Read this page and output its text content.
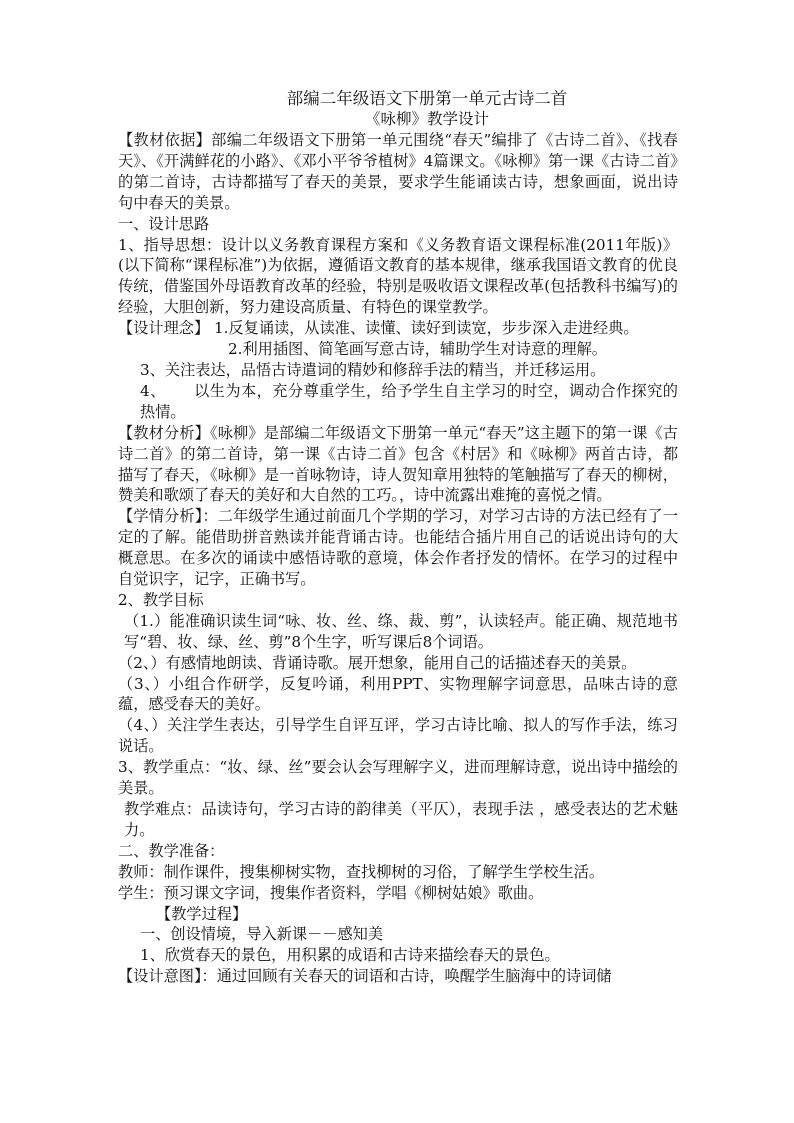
部编二年级语文下册第一单元古诗二首
《咏柳》教学设计

【教材依据】部编二年级语文下册第一单元围绕“春天”编排了《古诗二首》、《找春天》、《开满鲜花的小路》、《邓小平爷爷植树》4篇课文。《咏柳》第一课《古诗二首》的第二首诗，古诗都描写了春天的美景，要求学生能诵读古诗，想象画面，说出诗句中春天的美景。

一、设计思路

1、指导思想：设计以义务教育课程方案和《义务教育语文课程标准(2011年版)》(以下简称“课程标准”)为依据，遵循语文教育的基本规律，继承我国语文教育的优良传统，借鉴国外母语教育改革的经验，特别是吸收语文课程改革(包括教科书编写)的经验，大胆创新，努力建设高质量、有特色的课堂教学。

【设计理念】 1.反复诵读，从读准、读懂、读好到读宽，步步深入走进经典。

2.利用插图、简笔画写意古诗，辅助学生对诗意的理解。

3、关注表达，品悟古诗遣词的精妙和修辞手法的精当，并迁移运用。

4、 以生为本，充分尊重学生，给予学生自主学习的时空，调动合作探究的热情。

【教材分析】《咏柳》是部编二年级语文下册第一单元“春天”这主题下的第一课《古诗二首》的第二首诗，第一课《古诗二首》包含《村居》和《咏柳》两首古诗，都描写了春天，《咏柳》是一首咏物诗，诗人贺知章用独特的笔触描写了春天的柳树，赞美和歌颂了春天的美好和大自然的工巧。，诗中流露出难掩的喜悦之情。

【学情分析】：二年级学生通过前面几个学期的学习，对学习古诗的方法已经有了一定的了解。能借助拼音熟读并能背诵古诗。也能结合插片用自己的话说出诗句的大概意思。在多次的诵读中感悟诗歌的意境，体会作者抒发的情怀。在学习的过程中自觉识字，记字，正确书写。

2、教学目标

（1.）能准确识读生词“咏、妆、丝、绦、裁、剪”，认读轻声。能正确、规范地书写“碧、妆、绿、丝、剪”8个生字，听写课后8个词语。

（2、）有感情地朗读、背诵诗歌。展开想象，能用自己的话描述春天的美景。

（3、）小组合作研学，反复吟诵，利用PPT、实物理解字词意思，品味古诗的意蕴，感受春天的美好。

（4、）关注学生表达，引导学生自评互评，学习古诗比喻、拟人的写作手法，练习说话。

3、教学重点：“妆、绿、丝”要会认会写理解字义，进而理解诗意，说出诗中描绘的美景。

教学难点：品读诗句，学习古诗的韵律美（平仄），表现手法 ，感受表达的艺术魅力。

二、教学准备：

教师：制作课件，搜集柳树实物，查找柳树的习俗，了解学生学校生活。

学生：预习课文字词，搜集作者资料，学唱《柳树姑娘》歌曲。

【教学过程】

一、创设情境，导入新课－－感知美

1、欣赏春天的景色，用积累的成语和古诗来描绘春天的景色。

【设计意图】：通过回顾有关春天的词语和古诗，唤醒学生脑海中的诗词储
